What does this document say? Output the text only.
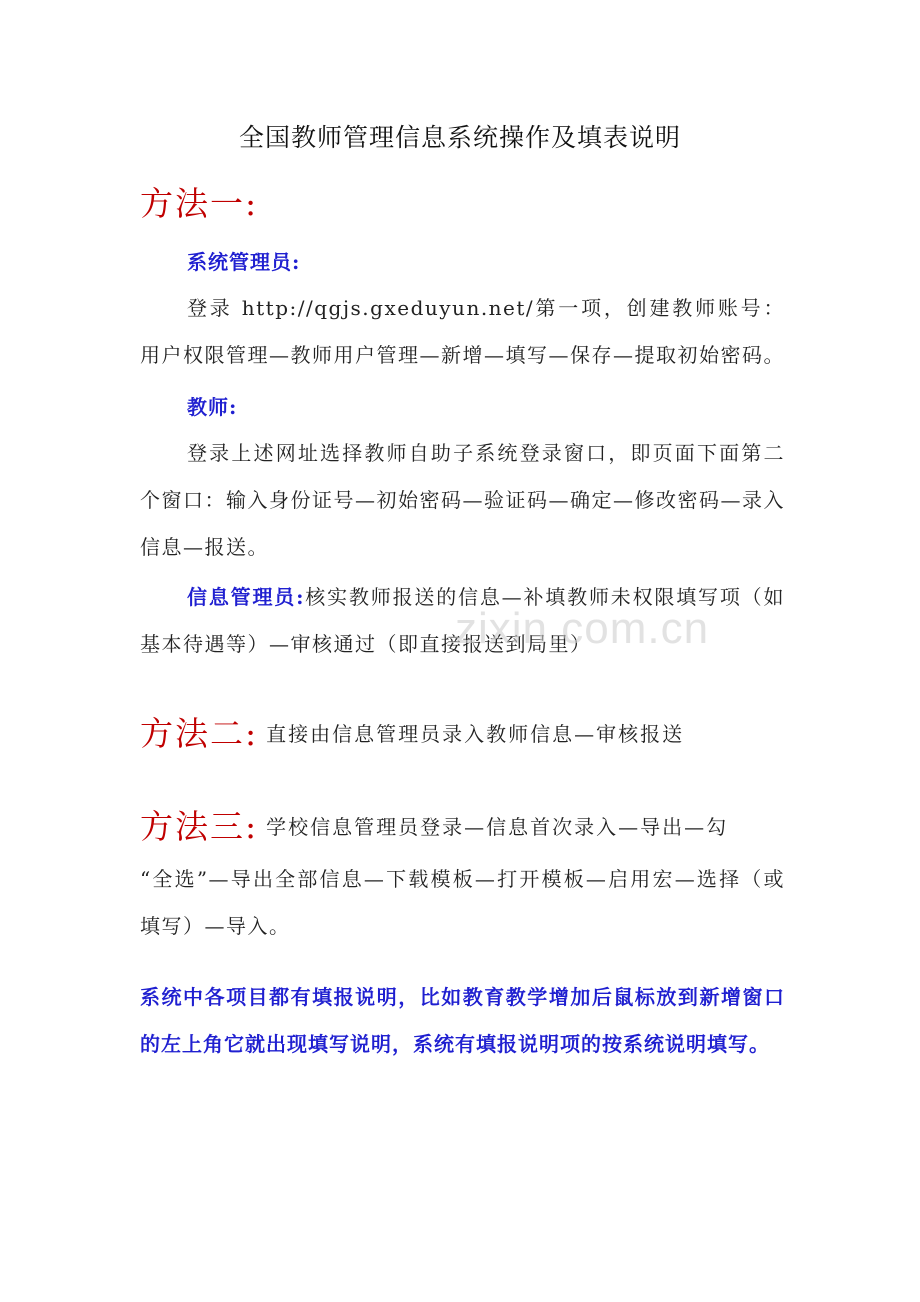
全国教师管理信息系统操作及填表说明
方法一:
系统管理员:
登录 http://qgjs.gxeduyun.net/第一项，创建教师账号：用户权限管理—教师用户管理—新增—填写—保存—提取初始密码。
教师:
登录上述网址选择教师自助子系统登录窗口，即页面下面第二个窗口：输入身份证号—初始密码—验证码—确定—修改密码—录入信息—报送。
信息管理员:核实教师报送的信息—补填教师未权限填写项（如基本待遇等）—审核通过（即直接报送到局里）
zixin.com.cn
方法二: 直接由信息管理员录入教师信息—审核报送
方法三: 学校信息管理员登录—信息首次录入—导出—勾
“全选”—导出全部信息—下载模板—打开模板—启用宏—选择（或填写）—导入。
系统中各项目都有填报说明，比如教育教学增加后鼠标放到新增窗口的左上角它就出现填写说明，系统有填报说明项的按系统说明填写。
